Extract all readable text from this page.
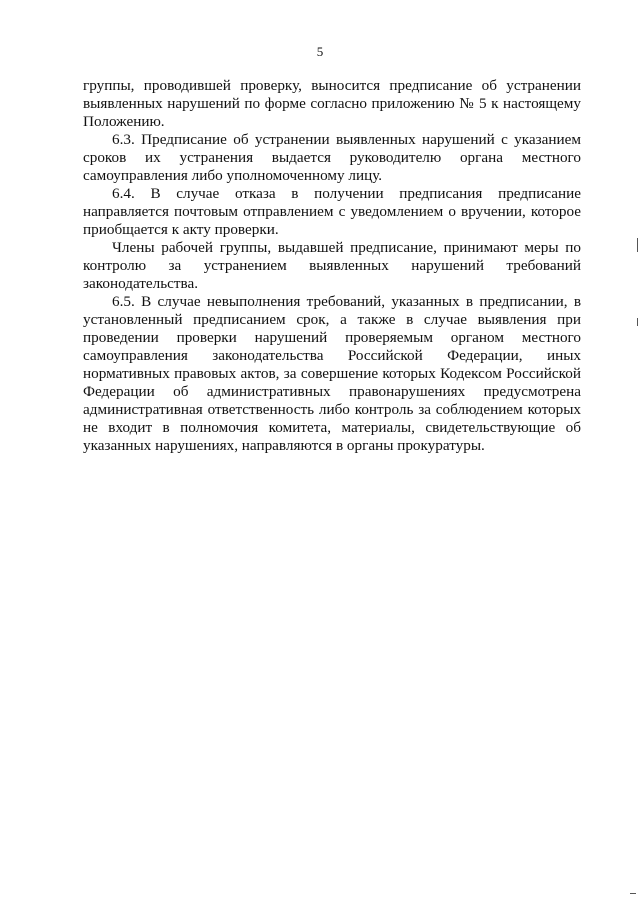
5

группы, проводившей проверку, выносится предписание об устранении выявленных нарушений по форме согласно приложению № 5 к настоящему Положению.

6.3. Предписание об устранении выявленных нарушений с указанием сроков их устранения выдается руководителю органа местного самоуправления либо уполномоченному лицу.

6.4. В случае отказа в получении предписания предписание направляется почтовым отправлением с уведомлением о вручении, которое приобщается к акту проверки.

Члены рабочей группы, выдавшей предписание, принимают меры по контролю за устранением выявленных нарушений требований законодательства.

6.5. В случае невыполнения требований, указанных в предписании, в установленный предписанием срок, а также в случае выявления при проведении проверки нарушений проверяемым органом местного самоуправления законодательства Российской Федерации, иных нормативных правовых актов, за совершение которых Кодексом Российской Федерации об административных правонарушениях предусмотрена административная ответственность либо контроль за соблюдением которых не входит в полномочия комитета, материалы, свидетельствующие об указанных нарушениях, направляются в органы прокуратуры.
